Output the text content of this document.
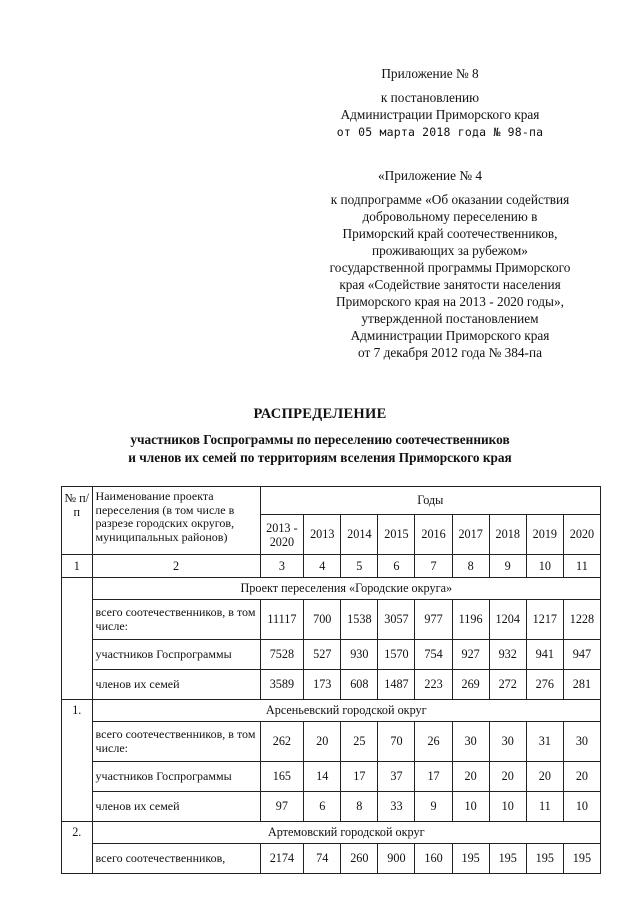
Приложение № 8
к постановлению
Администрации Приморского края
от 05 марта 2018 года № 98-па
«Приложение № 4
к подпрограмме «Об оказании содействия
добровольному переселению в
Приморский край соотечественников,
проживающих за рубежом»
государственной программы Приморского
края «Содействие занятости населения
Приморского края на 2013 - 2020 годы»,
утвержденной постановлением
Администрации Приморского края
от 7 декабря 2012 года № 384-па
РАСПРЕДЕЛЕНИЕ
участников Госпрограммы по переселению соотечественников
и членов их семей по территориям вселения Приморского края
№ п/п	Наименование проекта переселения (в том числе в разрезе городских округов, муниципальных районов)	Годы								
		2013 - 2020	2013	2014	2015	2016	2017	2018	2019	2020
1	2	3	4	5	6	7	8	9	10	11
	Проект переселения «Городские округа»									
	всего соотечественников, в том числе:	11117	700	1538	3057	977	1196	1204	1217	1228
	участников Госпрограммы	7528	527	930	1570	754	927	932	941	947
	членов их семей	3589	173	608	1487	223	269	272	276	281
1.	Арсеньевский городской округ									
	всего соотечественников, в том числе:	262	20	25	70	26	30	30	31	30
	участников Госпрограммы	165	14	17	37	17	20	20	20	20
	членов их семей	97	6	8	33	9	10	10	11	10
2.	Артемовский городской округ									
	всего соотечественников,	2174	74	260	900	160	195	195	195	195
